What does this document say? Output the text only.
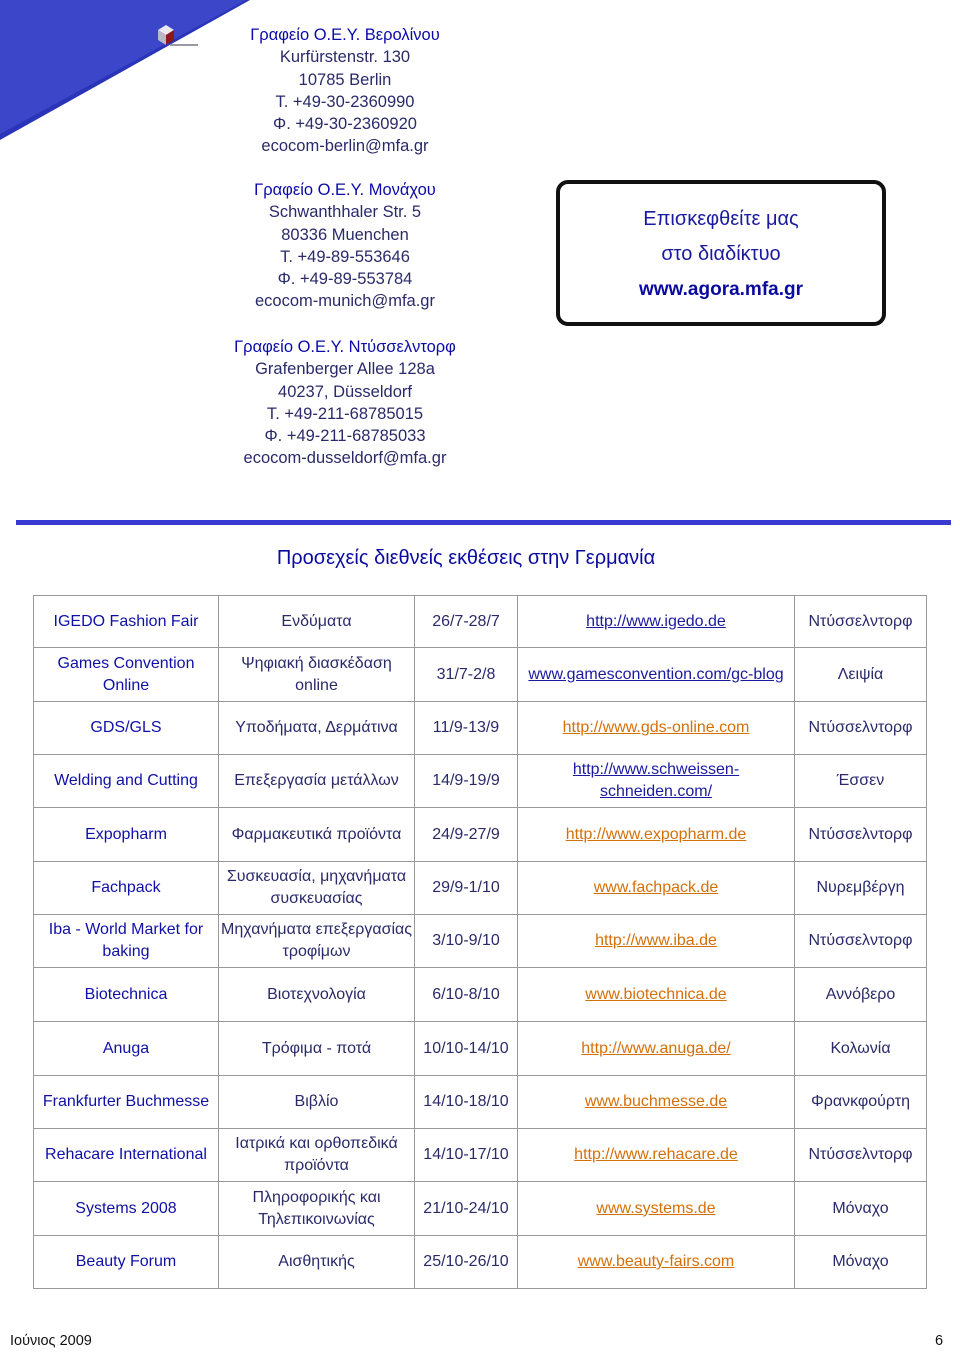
Γραφείο Ο.Ε.Υ. Βερολίνου
Kurfürstenstr. 130
10785 Berlin
Τ. +49-30-2360990
Φ. +49-30-2360920
ecocom-berlin@mfa.gr
Γραφείο Ο.Ε.Υ. Μονάχου
Schwanthhaler Str. 5
80336 Muenchen
Τ. +49-89-553646
Φ. +49-89-553784
ecocom-munich@mfa.gr
Γραφείο Ο.Ε.Υ. Ντύσσελντορφ
Grafenberger Allee 128a
40237, Düsseldorf
Τ. +49-211-68785015
Φ. +49-211-68785033
ecocom-dusseldorf@mfa.gr
Επισκεφθείτε μας
στο διαδίκτυο
www.agora.mfa.gr
Προσεχείς διεθνείς εκθέσεις στην Γερμανία
IGEDO Fashion Fair	Ενδύματα	26/7-28/7	http://www.igedo.de	Ντύσσελντορφ
Games Convention Online	Ψηφιακή διασκέδαση online	31/7-2/8	www.gamesconvention.com/gc-blog	Λειψία
GDS/GLS	Υποδήματα, Δερμάτινα	11/9-13/9	http://www.gds-online.com	Ντύσσελντορφ
Welding and Cutting	Επεξεργασία μετάλλων	14/9-19/9	http://www.schweissen-schneiden.com/	Έσσεν
Expopharm	Φαρμακευτικά προϊόντα	24/9-27/9	http://www.expopharm.de	Ντύσσελντορφ
Fachpack	Συσκευασία, μηχανήματα συσκευασίας	29/9-1/10	www.fachpack.de	Νυρεμβέργη
Iba - World Market for baking	Μηχανήματα επεξεργασίας τροφίμων	3/10-9/10	http://www.iba.de	Ντύσσελντορφ
Biotechnica	Βιοτεχνολογία	6/10-8/10	www.biotechnica.de	Αννόβερο
Anuga	Τρόφιμα - ποτά	10/10-14/10	http://www.anuga.de/	Κολωνία
Frankfurter Buchmesse	Βιβλίο	14/10-18/10	www.buchmesse.de	Φρανκφούρτη
Rehacare International	Ιατρικά και ορθοπεδικά προϊόντα	14/10-17/10	http://www.rehacare.de	Ντύσσελντορφ
Systems 2008	Πληροφορικής και Τηλεπικοινωνίας	21/10-24/10	www.systems.de	Μόναχο
Beauty Forum	Αισθητικής	25/10-26/10	www.beauty-fairs.com	Μόναχο
Ιούνιος 2009	6
